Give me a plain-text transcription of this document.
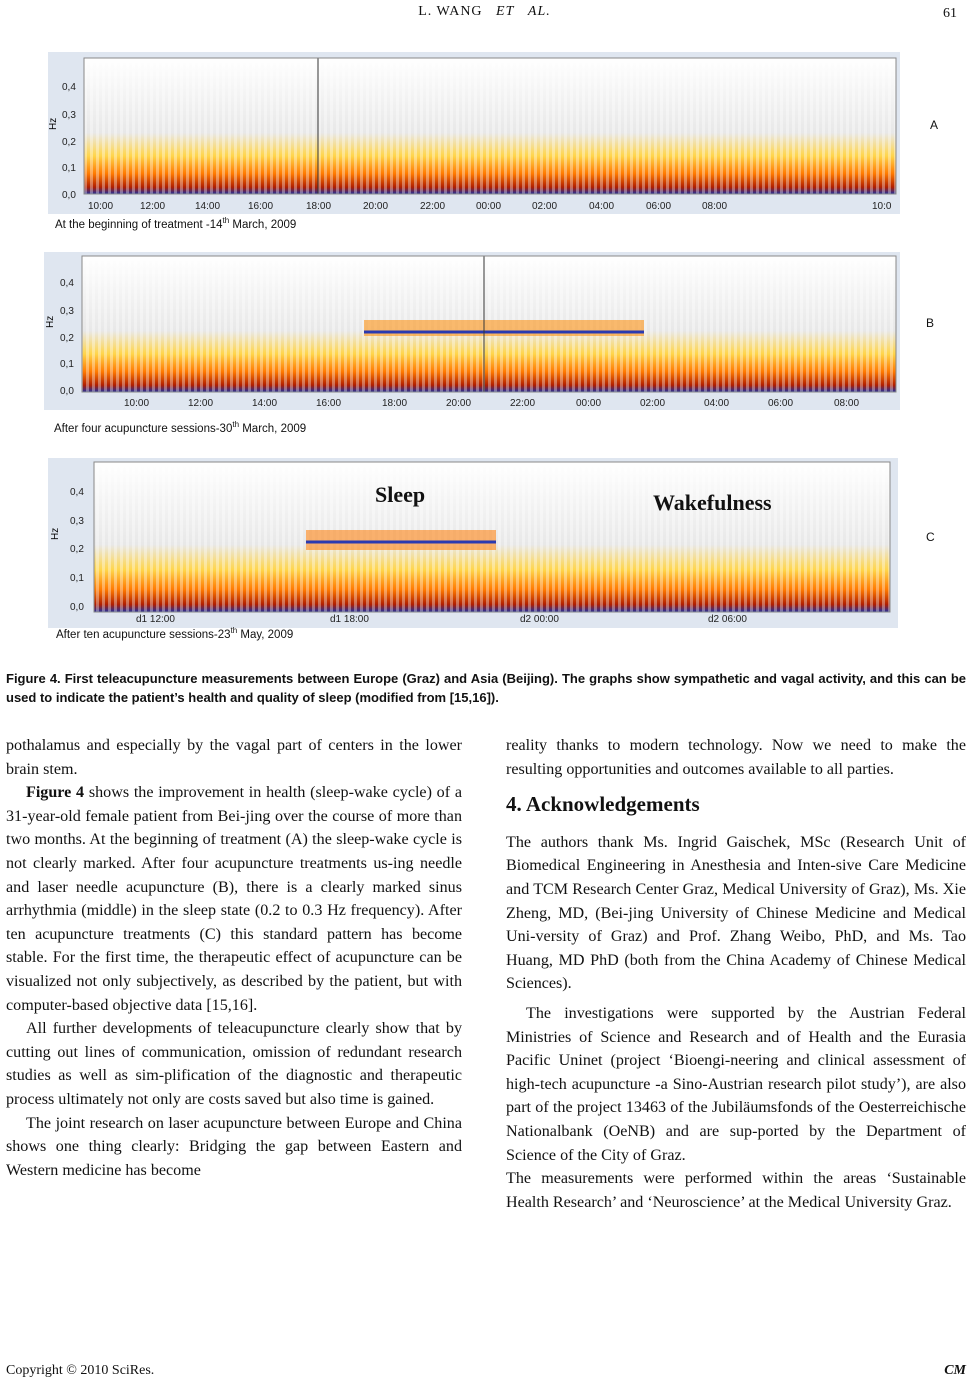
L. WANG ET AL.	61
Hz
0,4
0,3
0,2
0,1
0,0
10:00	12:00	14:00	16:00	18:00	20:00	22:00	00:00	02:00	04:00	06:00	08:00	10:0
At the beginning of treatment -14th March, 2009
A
Hz
0,4
0,3
0,2
0,1
0,0
10:00	12:00	14:00	16:00	18:00	20:00	22:00	00:00	02:00	04:00	06:00	08:00
After four acupuncture sessions-30th March, 2009
B
Sleep	Wakefulness
Hz
0,4
0,3
0,2
0,1
0,0
d1 12:00	d1 18:00	d2 00:00	d2 06:00
After ten acupuncture sessions-23th May, 2009
C
Figure 4. First teleacupuncture measurements between Europe (Graz) and Asia (Beijing). The graphs show sympathetic and vagal activity, and this can be used to indicate the patient’s health and quality of sleep (modified from [15,16]).

pothalamus and especially by the vagal part of centers in the lower brain stem.

Figure 4 shows the improvement in health (sleep-wake cycle) of a 31-year-old female patient from Bei-jing over the course of more than two months. At the beginning of treatment (A) the sleep-wake cycle is not clearly marked. After four acupuncture treatments us-ing needle and laser needle acupuncture (B), there is a clearly marked sinus arrhythmia (middle) in the sleep state (0.2 to 0.3 Hz frequency). After ten acupuncture treatments (C) this standard pattern has become stable. For the first time, the therapeutic effect of acupuncture can be visualized not only subjectively, as described by the patient, but with computer-based objective data [15,16].

All further developments of teleacupuncture clearly show that by cutting out lines of communication, omission of redundant research studies as well as sim-plification of the diagnostic and therapeutic process ultimately not only are costs saved but also time is gained.

The joint research on laser acupuncture between Europe and China shows one thing clearly: Bridging the gap between Eastern and Western medicine has become

reality thanks to modern technology. Now we need to make the resulting opportunities and outcomes available to all parties.

4. Acknowledgements

The authors thank Ms. Ingrid Gaischek, MSc (Research Unit of Biomedical Engineering in Anesthesia and Inten-sive Care Medicine and TCM Research Center Graz, Medical University of Graz), Ms. Xie Zheng, MD, (Bei-jing University of Chinese Medicine and Medical Uni-versity of Graz) and Prof. Zhang Weibo, PhD, and Ms. Tao Huang, MD PhD (both from the China Academy of Chinese Medical Sciences).

The investigations were supported by the Austrian Federal Ministries of Science and Research and of Health and the Eurasia Pacific Uninet (project ‘Bioengi-neering and clinical assessment of high-tech acupuncture -a Sino-Austrian research pilot study’), are also part of the project 13463 of the Jubiläumsfonds of the Oesterreichische Nationalbank (OeNB) and are sup-ported by the Department of Science of the City of Graz.

The measurements were performed within the areas ‘Sustainable Health Research’ and ‘Neuroscience’ at the Medical University Graz.

Copyright © 2010 SciRes.	CM
